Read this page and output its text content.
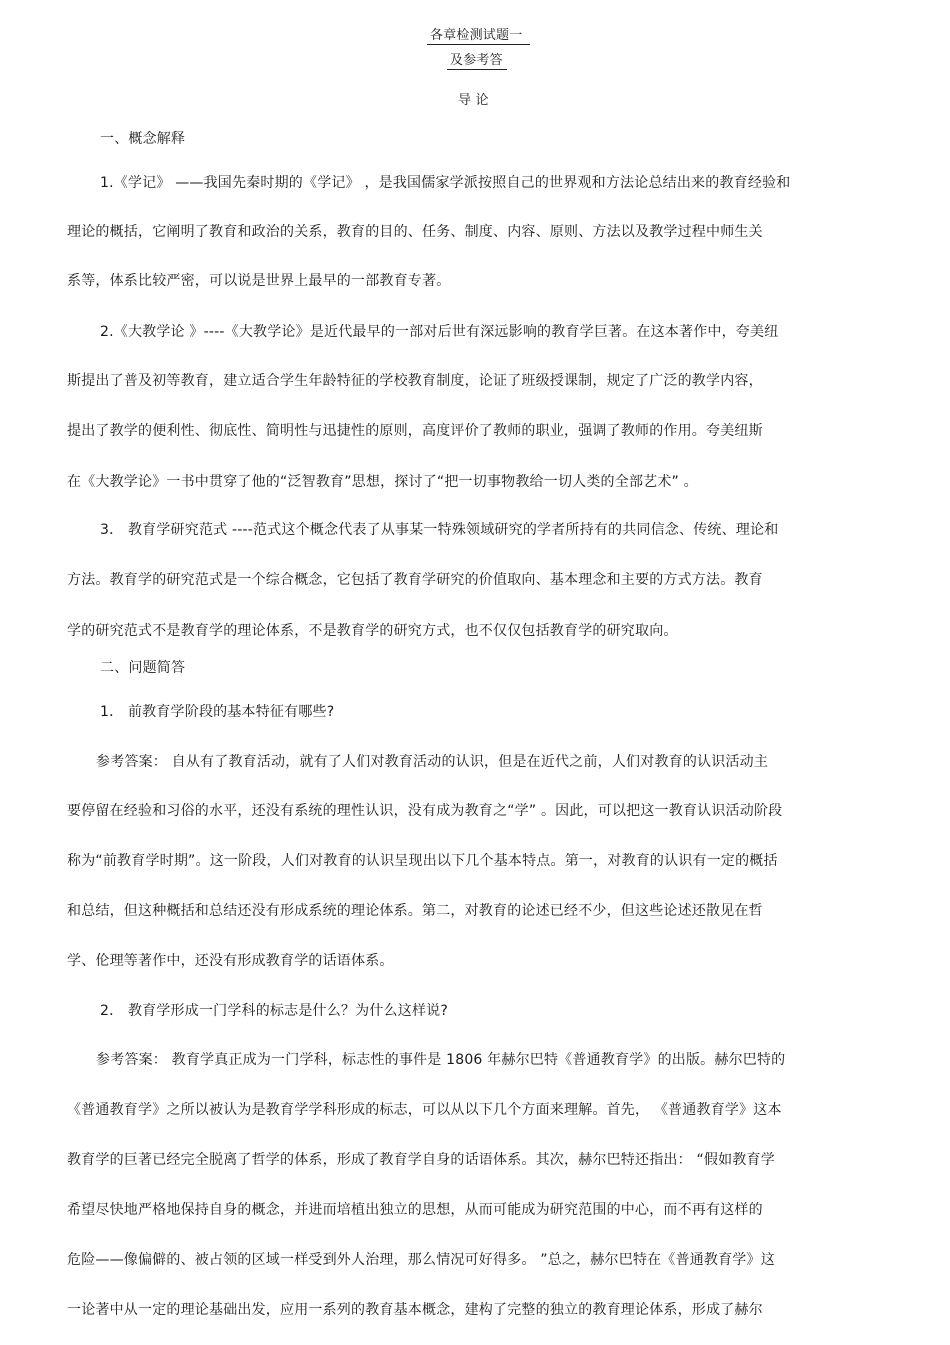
各章检测试题一
及参考答
导 论
一、概念解释
1.《学记》 ——我国先秦时期的《学记》 ，是我国儒家学派按照自己的世界观和方法论总结出来的教育经验和
理论的概括，它阐明了教育和政治的关系，教育的目的、任务、制度、内容、原则、方法以及教学过程中师生关
系等，体系比较严密，可以说是世界上最早的一部教育专著。
2.《大教学论 》----《大教学论》是近代最早的一部对后世有深远影响的教育学巨著。在这本著作中，夸美纽
斯提出了普及初等教育，建立适合学生年龄特征的学校教育制度，论证了班级授课制，规定了广泛的教学内容，
提出了教学的便利性、彻底性、简明性与迅捷性的原则，高度评价了教师的职业，强调了教师的作用。夸美纽斯
在《大教学论》一书中贯穿了他的“泛智教育”思想，探讨了“把一切事物教给一切人类的全部艺术” 。
3． 教育学研究范式 ----范式这个概念代表了从事某一特殊领域研究的学者所持有的共同信念、传统、理论和
方法。教育学的研究范式是一个综合概念，它包括了教育学研究的价值取向、基本理念和主要的方式方法。教育
学的研究范式不是教育学的理论体系，不是教育学的研究方式，也不仅仅包括教育学的研究取向。
二、问题简答
1． 前教育学阶段的基本特征有哪些?
参考答案： 自从有了教育活动，就有了人们对教育活动的认识，但是在近代之前，人们对教育的认识活动主
要停留在经验和习俗的水平，还没有系统的理性认识，没有成为教育之“学” 。因此，可以把这一教育认识活动阶段
称为“前教育学时期”。这一阶段，人们对教育的认识呈现出以下几个基本特点。第一，对教育的认识有一定的概括
和总结，但这种概括和总结还没有形成系统的理论体系。第二，对教育的论述已经不少，但这些论述还散见在哲
学、伦理等著作中，还没有形成教育学的话语体系。
2． 教育学形成一门学科的标志是什么？为什么这样说?
参考答案： 教育学真正成为一门学科，标志性的事件是 1806 年赫尔巴特《普通教育学》的出版。赫尔巴特的
《普通教育学》之所以被认为是教育学学科形成的标志，可以从以下几个方面来理解。首先， 《普通教育学》这本
教育学的巨著已经完全脱离了哲学的体系，形成了教育学自身的话语体系。其次，赫尔巴特还指出： “假如教育学
希望尽快地严格地保持自身的概念，并进而培植出独立的思想，从而可能成为研究范围的中心，而不再有这样的
危险——像偏僻的、被占领的区域一样受到外人治理，那么情况可好得多。 ”总之，赫尔巴特在《普通教育学》这
一论著中从一定的理论基础出发，应用一系列的教育基本概念，建构了完整的独立的教育理论体系，形成了赫尔
